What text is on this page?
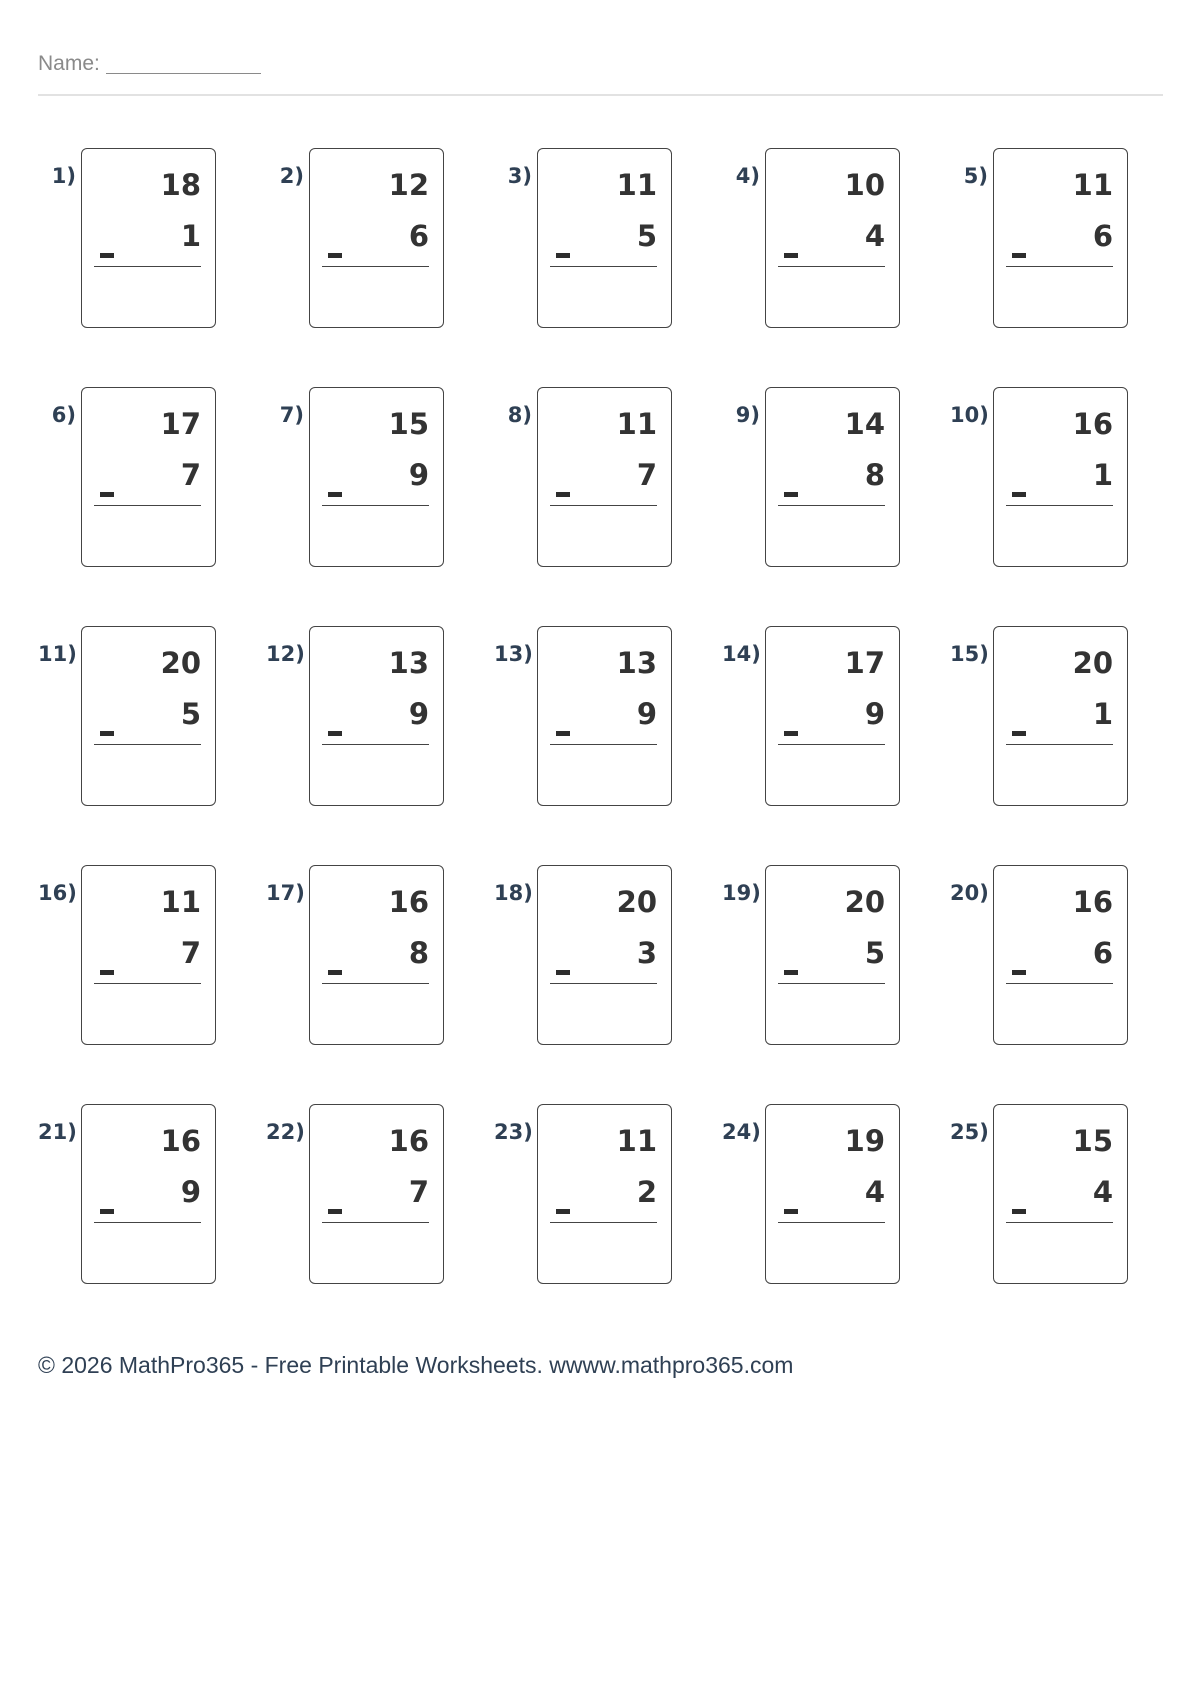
Name:
1)	18
1
2)	12
6
3)	11
5
4)	10
4
5)	11
6
6)	17
7
7)	15
9
8)	11
7
9)	14
8
10)	16
1
11)	20
5
12)	13
9
13)	13
9
14)	17
9
15)	20
1
16)	11
7
17)	16
8
18)	20
3
19)	20
5
20)	16
6
21)	16
9
22)	16
7
23)	11
2
24)	19
4
25)	15
4
© 2026 MathPro365 - Free Printable Worksheets. wwww.mathpro365.com
